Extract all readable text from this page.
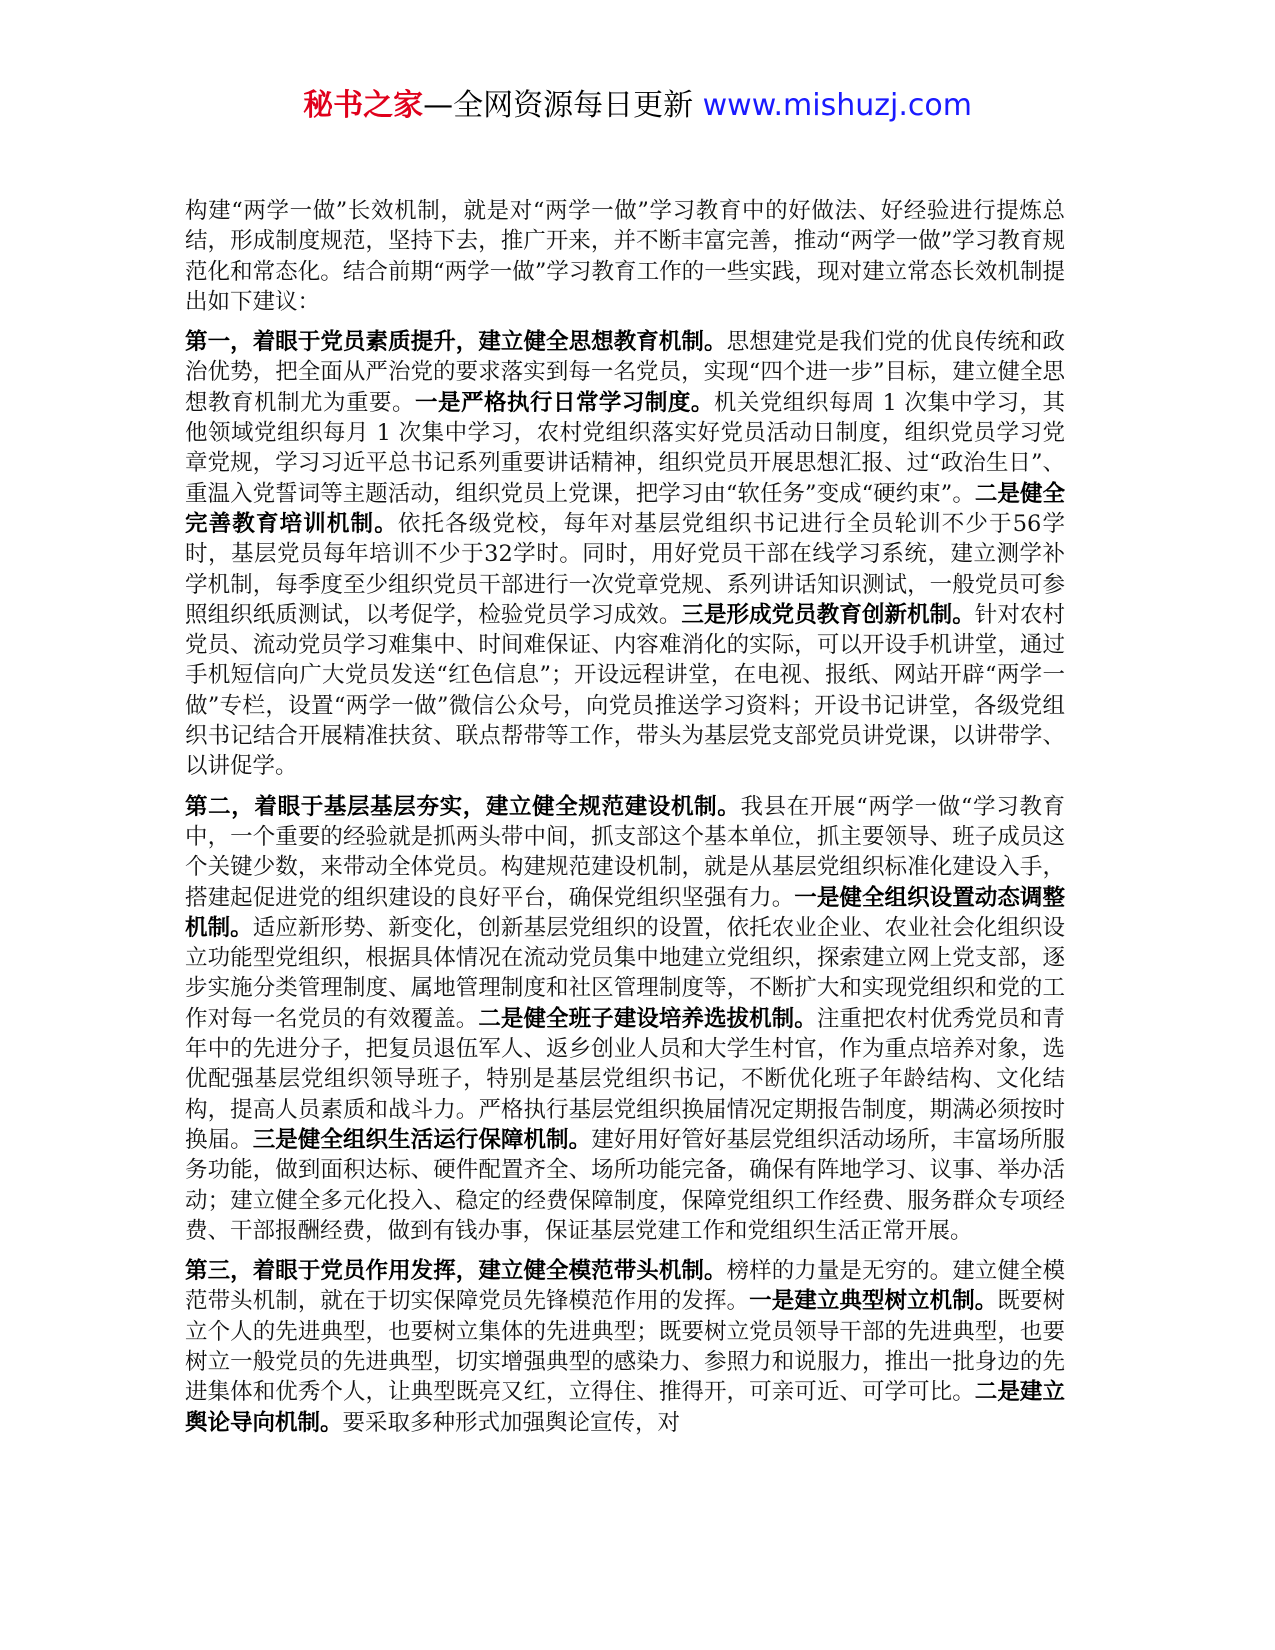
秘书之家—全网资源每日更新 www.mishuzj.com

构建“两学一做”长效机制，就是对“两学一做”学习教育中的好做法、好经验进行提炼总结，形成制度规范，坚持下去，推广开来，并不断丰富完善，推动“两学一做”学习教育规范化和常态化。结合前期“两学一做”学习教育工作的一些实践，现对建立常态长效机制提出如下建议：

第一，着眼于党员素质提升，建立健全思想教育机制。思想建党是我们党的优良传统和政治优势，把全面从严治党的要求落实到每一名党员，实现“四个进一步”目标，建立健全思想教育机制尤为重要。一是严格执行日常学习制度。机关党组织每周 1 次集中学习，其他领域党组织每月 1 次集中学习，农村党组织落实好党员活动日制度，组织党员学习党章党规，学习习近平总书记系列重要讲话精神，组织党员开展思想汇报、过“政治生日”、重温入党誓词等主题活动，组织党员上党课，把学习由“软任务”变成“硬约束”。二是健全完善教育培训机制。依托各级党校，每年对基层党组织书记进行全员轮训不少于56学时，基层党员每年培训不少于32学时。同时，用好党员干部在线学习系统，建立测学补学机制，每季度至少组织党员干部进行一次党章党规、系列讲话知识测试，一般党员可参照组织纸质测试，以考促学，检验党员学习成效。三是形成党员教育创新机制。针对农村党员、流动党员学习难集中、时间难保证、内容难消化的实际，可以开设手机讲堂，通过手机短信向广大党员发送“红色信息”；开设远程讲堂，在电视、报纸、网站开辟“两学一做”专栏，设置“两学一做”微信公众号，向党员推送学习资料；开设书记讲堂，各级党组织书记结合开展精准扶贫、联点帮带等工作，带头为基层党支部党员讲党课，以讲带学、以讲促学。

第二，着眼于基层基层夯实，建立健全规范建设机制。我县在开展“两学一做“学习教育中，一个重要的经验就是抓两头带中间，抓支部这个基本单位，抓主要领导、班子成员这个关键少数，来带动全体党员。构建规范建设机制，就是从基层党组织标准化建设入手，搭建起促进党的组织建设的良好平台，确保党组织坚强有力。一是健全组织设置动态调整机制。适应新形势、新变化，创新基层党组织的设置，依托农业企业、农业社会化组织设立功能型党组织，根据具体情况在流动党员集中地建立党组织，探索建立网上党支部，逐步实施分类管理制度、属地管理制度和社区管理制度等，不断扩大和实现党组织和党的工作对每一名党员的有效覆盖。二是健全班子建设培养选拔机制。注重把农村优秀党员和青年中的先进分子，把复员退伍军人、返乡创业人员和大学生村官，作为重点培养对象，选优配强基层党组织领导班子，特别是基层党组织书记，不断优化班子年龄结构、文化结构，提高人员素质和战斗力。严格执行基层党组织换届情况定期报告制度，期满必须按时换届。三是健全组织生活运行保障机制。建好用好管好基层党组织活动场所，丰富场所服务功能，做到面积达标、硬件配置齐全、场所功能完备，确保有阵地学习、议事、举办活动；建立健全多元化投入、稳定的经费保障制度，保障党组织工作经费、服务群众专项经费、干部报酬经费，做到有钱办事，保证基层党建工作和党组织生活正常开展。

第三，着眼于党员作用发挥，建立健全模范带头机制。榜样的力量是无穷的。建立健全模范带头机制，就在于切实保障党员先锋模范作用的发挥。一是建立典型树立机制。既要树立个人的先进典型，也要树立集体的先进典型；既要树立党员领导干部的先进典型，也要树立一般党员的先进典型，切实增强典型的感染力、参照力和说服力，推出一批身边的先进集体和优秀个人，让典型既亮又红，立得住、推得开，可亲可近、可学可比。二是建立舆论导向机制。要采取多种形式加强舆论宣传，对
